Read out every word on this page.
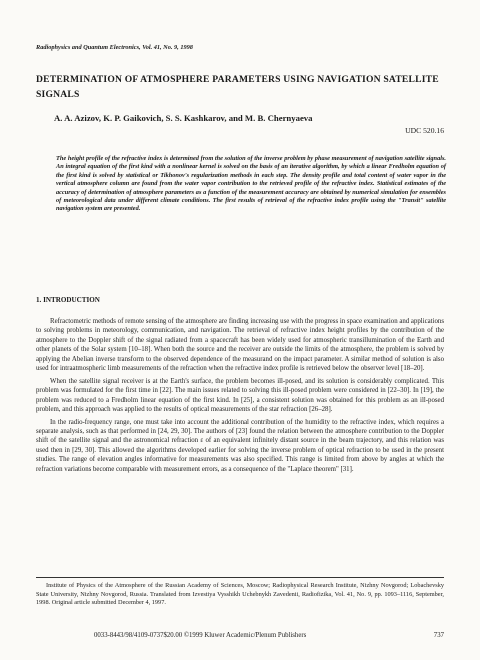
Radiophysics and Quantum Electronics, Vol. 41, No. 9, 1998
DETERMINATION OF ATMOSPHERE PARAMETERS USING NAVIGATION SATELLITE SIGNALS
A. A. Azizov, K. P. Gaikovich, S. S. Kashkarov, and M. B. Chernyaeva
UDC 520.16
The height profile of the refractive index is determined from the solution of the inverse problem by phase measurement of navigation satellite signals. An integral equation of the first kind with a nonlinear kernel is solved on the basis of an iterative algorithm, by which a linear Fredholm equation of the first kind is solved by statistical or Tikhonov's regularization methods in each step. The density profile and total content of water vapor in the vertical atmosphere column are found from the water vapor contribution to the retrieved profile of the refractive index. Statistical estimates of the accuracy of determination of atmosphere parameters as a function of the measurement accuracy are obtained by numerical simulation for ensembles of meteorological data under different climate conditions. The first results of retrieval of the refractive index profile using the "Transit" satellite navigation system are presented.
1. INTRODUCTION

Refractometric methods of remote sensing of the atmosphere are finding increasing use with the progress in space examination and applications to solving problems in meteorology, communication, and navigation. The retrieval of refractive index height profiles by the contribution of the atmosphere to the Doppler shift of the signal radiated from a spacecraft has been widely used for atmospheric transillumination of the Earth and other planets of the Solar system [10–18]. When both the source and the receiver are outside the limits of the atmosphere, the problem is solved by applying the Abelian inverse transform to the observed dependence of the measurand on the impact parameter. A similar method of solution is also used for intraatmospheric limb measurements of the refraction when the refractive index profile is retrieved below the observer level [18–20].

When the satellite signal receiver is at the Earth's surface, the problem becomes ill-posed, and its solution is considerably complicated. This problem was formulated for the first time in [22]. The main issues related to solving this ill-posed problem were considered in [22–30]. In [19], the problem was reduced to a Fredholm linear equation of the first kind. In [25], a consistent solution was obtained for this problem as an ill-posed problem, and this approach was applied to the results of optical measurements of the star refraction [26–28].

In the radio-frequency range, one must take into account the additional contribution of the humidity to the refractive index, which requires a separate analysis, such as that performed in [24, 29, 30]. The authors of [23] found the relation between the atmosphere contribution to the Doppler shift of the satellite signal and the astronomical refraction ε of an equivalent infinitely distant source in the beam trajectory, and this relation was used then in [29, 30]. This allowed the algorithms developed earlier for solving the inverse problem of optical refraction to be used in the present studies. The range of elevation angles informative for measurements was also specified. This range is limited from above by angles at which the refraction variations become comparable with measurement errors, as a consequence of the "Laplace theorem" [31].

Institute of Physics of the Atmosphere of the Russian Academy of Sciences, Moscow; Radiophysical Research Institute, Nizhny Novgorod; Lobachevsky State University, Nizhny Novgorod, Russia. Translated from Izvestiya Vysshikh Uchebnykh Zavedenii, Radiofizika, Vol. 41, No. 9, pp. 1093–1116, September, 1998. Original article submitted December 4, 1997.
0033-8443/98/4109-0737$20.00 ©1999 Kluwer Academic/Plenum Publishers	737
